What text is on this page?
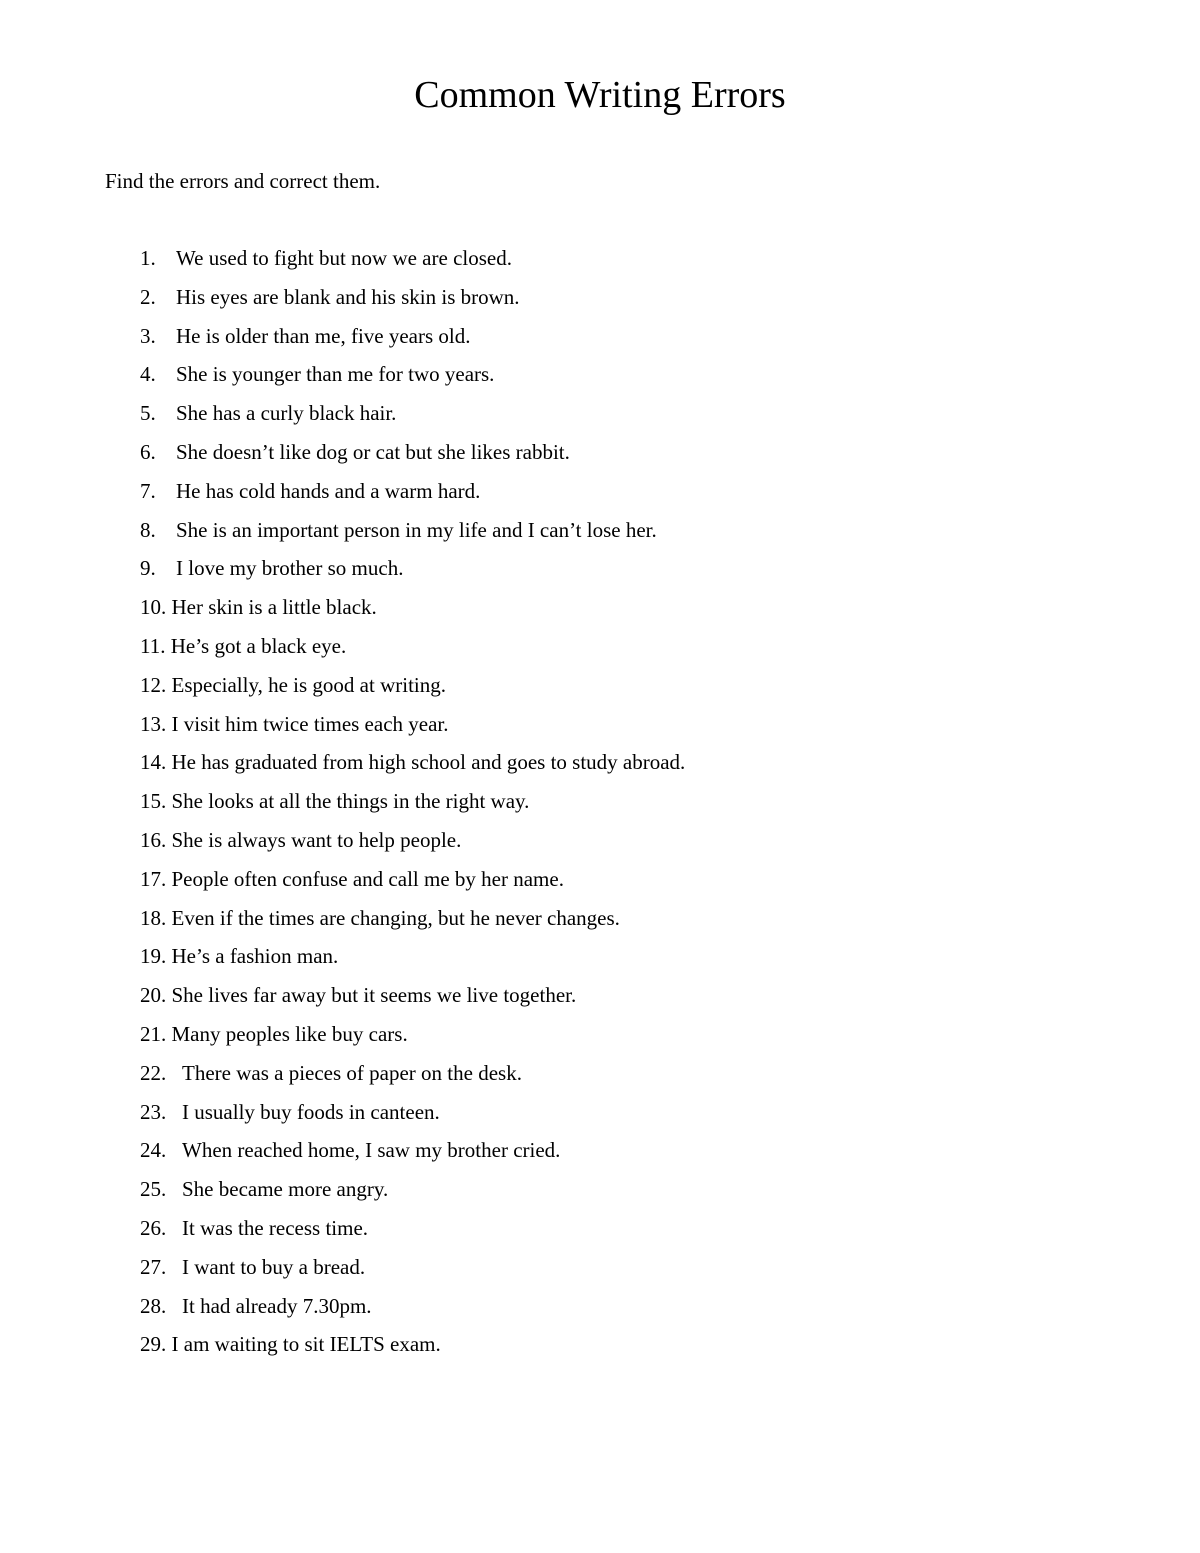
Common Writing Errors

Find the errors and correct them.

1. We used to fight but now we are closed.
2. His eyes are blank and his skin is brown.
3. He is older than me, five years old.
4. She is younger than me for two years.
5. She has a curly black hair.
6. She doesn’t like dog or cat but she likes rabbit.
7. He has cold hands and a warm hard.
8. She is an important person in my life and I can’t lose her.
9. I love my brother so much.
10. Her skin is a little black.
11. He’s got a black eye.
12. Especially, he is good at writing.
13. I visit him twice times each year.
14. He has graduated from high school and goes to study abroad.
15. She looks at all the things in the right way.
16. She is always want to help people.
17. People often confuse and call me by her name.
18. Even if the times are changing, but he never changes.
19. He’s a fashion man.
20. She lives far away but it seems we live together.
21. Many peoples like buy cars.
22. There was a pieces of paper on the desk.
23. I usually buy foods in canteen.
24. When reached home, I saw my brother cried.
25. She became more angry.
26. It was the recess time.
27. I want to buy a bread.
28. It had already 7.30pm.
29. I am waiting to sit IELTS exam.
